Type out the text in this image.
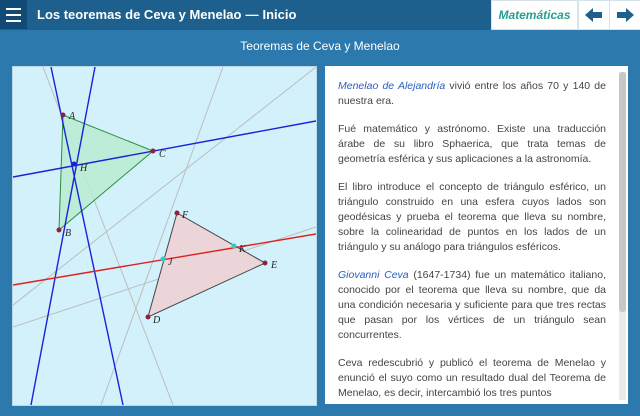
Los teoremas de Ceva y Menelao — Inicio	Matemáticas
Teoremas de Ceva y Menelao
A
B
C
H
F
D
E
J
K

Menelao de Alejandría vivió entre los años 70 y 140 de nuestra era.

Fué matemático y astrónomo. Existe una traducción árabe de su libro Sphaerica, que trata temas de geometría esférica y sus aplicaciones a la astronomía.

El libro introduce el concepto de triángulo esférico, un triángulo construido en una esfera cuyos lados son geodésicas y prueba el teorema que lleva su nombre, sobre la colinearidad de puntos en los lados de un triángulo y su análogo para triángulos esféricos.

Giovanni Ceva (1647-1734) fue un matemático italiano, conocido por el teorema que lleva su nombre, que da una condición necesaria y suficiente para que tres rectas que pasan por los vértices de un triángulo sean concurrentes.

Ceva redescubrió y publicó el teorema de Menelao y enunció el suyo como un resultado dual del Teorema de Menelao, es decir, intercambió los tres puntos
